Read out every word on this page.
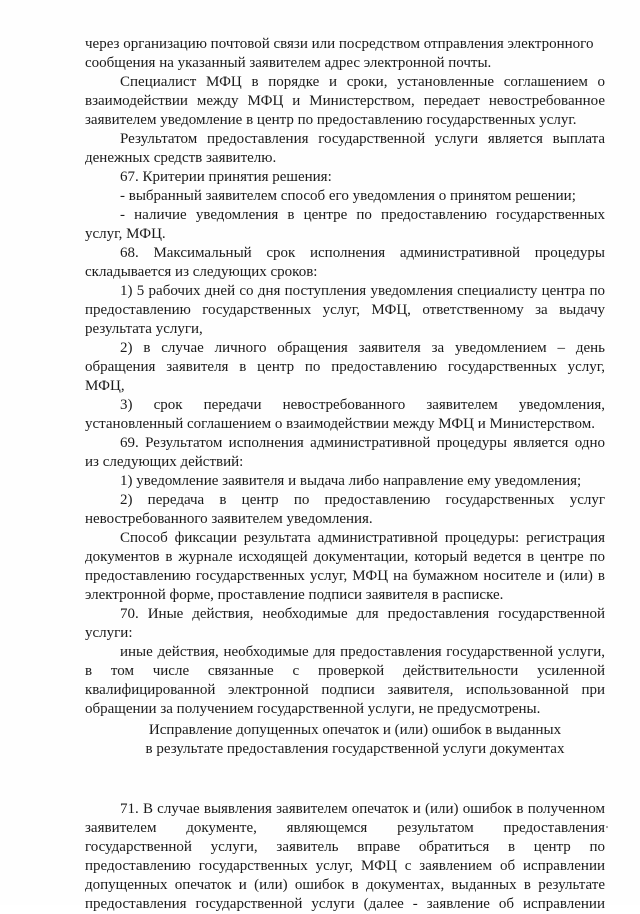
через организацию почтовой связи или посредством отправления электронного
сообщения на указанный заявителем адрес электронной почты.
Специалист МФЦ в порядке и сроки, установленные соглашением о
взаимодействии между МФЦ и Министерством, передает невостребованное
заявителем уведомление в центр по предоставлению государственных услуг.
Результатом предоставления государственной услуги является выплата
денежных средств заявителю.
67. Критерии принятия решения:
- выбранный заявителем способ его уведомления о принятом решении;
- наличие уведомления в центре по предоставлению государственных
услуг, МФЦ.
68. Максимальный срок исполнения административной процедуры
складывается из следующих сроков:
1) 5 рабочих дней со дня поступления уведомления специалисту центра по
предоставлению государственных услуг, МФЦ, ответственному за выдачу
результата услуги,
2) в случае личного обращения заявителя за уведомлением – день
обращения заявителя в центр по предоставлению государственных услуг,
МФЦ,
3) срок передачи невостребованного заявителем уведомления,
установленный соглашением о взаимодействии между МФЦ и Министерством.
69. Результатом исполнения административной процедуры является одно
из следующих действий:
1) уведомление заявителя и выдача либо направление ему уведомления;
2) передача в центр по предоставлению государственных услуг
невостребованного заявителем уведомления.
Способ фиксации результата административной процедуры: регистрация
документов в журнале исходящей документации, который ведется в центре по
предоставлению государственных услуг, МФЦ на бумажном носителе и (или) в
электронной форме, проставление подписи заявителя в расписке.
70. Иные действия, необходимые для предоставления государственной
услуги:
иные действия, необходимые для предоставления государственной услуги,
в том числе связанные с проверкой действительности усиленной
квалифицированной электронной подписи заявителя, использованной при
обращении за получением государственной услуги, не предусмотрены.
Исправление допущенных опечаток и (или) ошибок в выданных
в результате предоставления государственной услуги документах
71. В случае выявления заявителем опечаток и (или) ошибок в полученном
заявителем документе, являющемся результатом предоставления
государственной услуги, заявитель вправе обратиться в центр по
предоставлению государственных услуг, МФЦ с заявлением об исправлении
допущенных опечаток и (или) ошибок в документах, выданных в результате
предоставления государственной услуги (далее - заявление об исправлении
